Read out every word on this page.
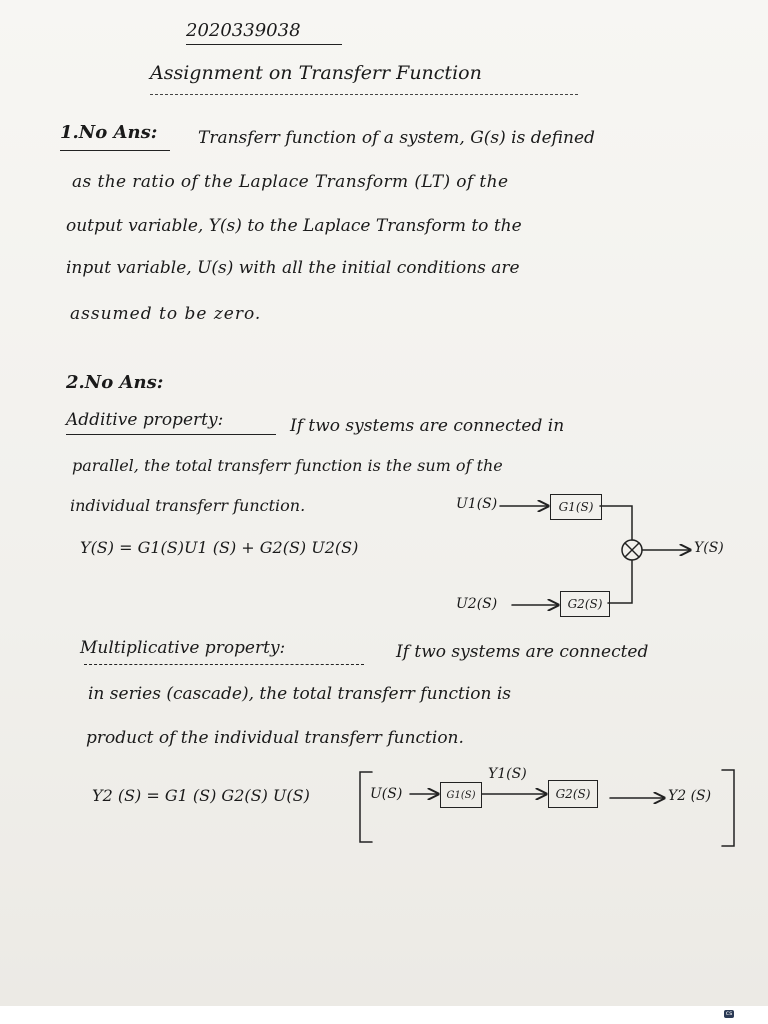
2020339038
Assignment on Transferr Function
1.No Ans: Transferr function of a system, G(s) is defined
as the ratio of the Laplace Transform (LT) of the
output variable, Y(s) to the Laplace Transform to the
input variable, U(s) with all the initial conditions are
assumed to be zero.
2.No Ans:
Additive property:	If two systems are connected in
parallel, the total transferr function is the sum of the
individual transferr function.
Y(S) = G1(S)U1 (S) + G2(S) U2(S)
U1(S)	G1(S)
U2(S)	G2(S)
Y(S)
Multiplicative property:	If two systems are connected
in series (cascade), the total transferr function is
product of the individual transferr function.
Y2 (S) = G1 (S) G2(S) U(S)	U(S)	G1(S)
Y1(S)
G2(S)	Y2 (S)
cs
